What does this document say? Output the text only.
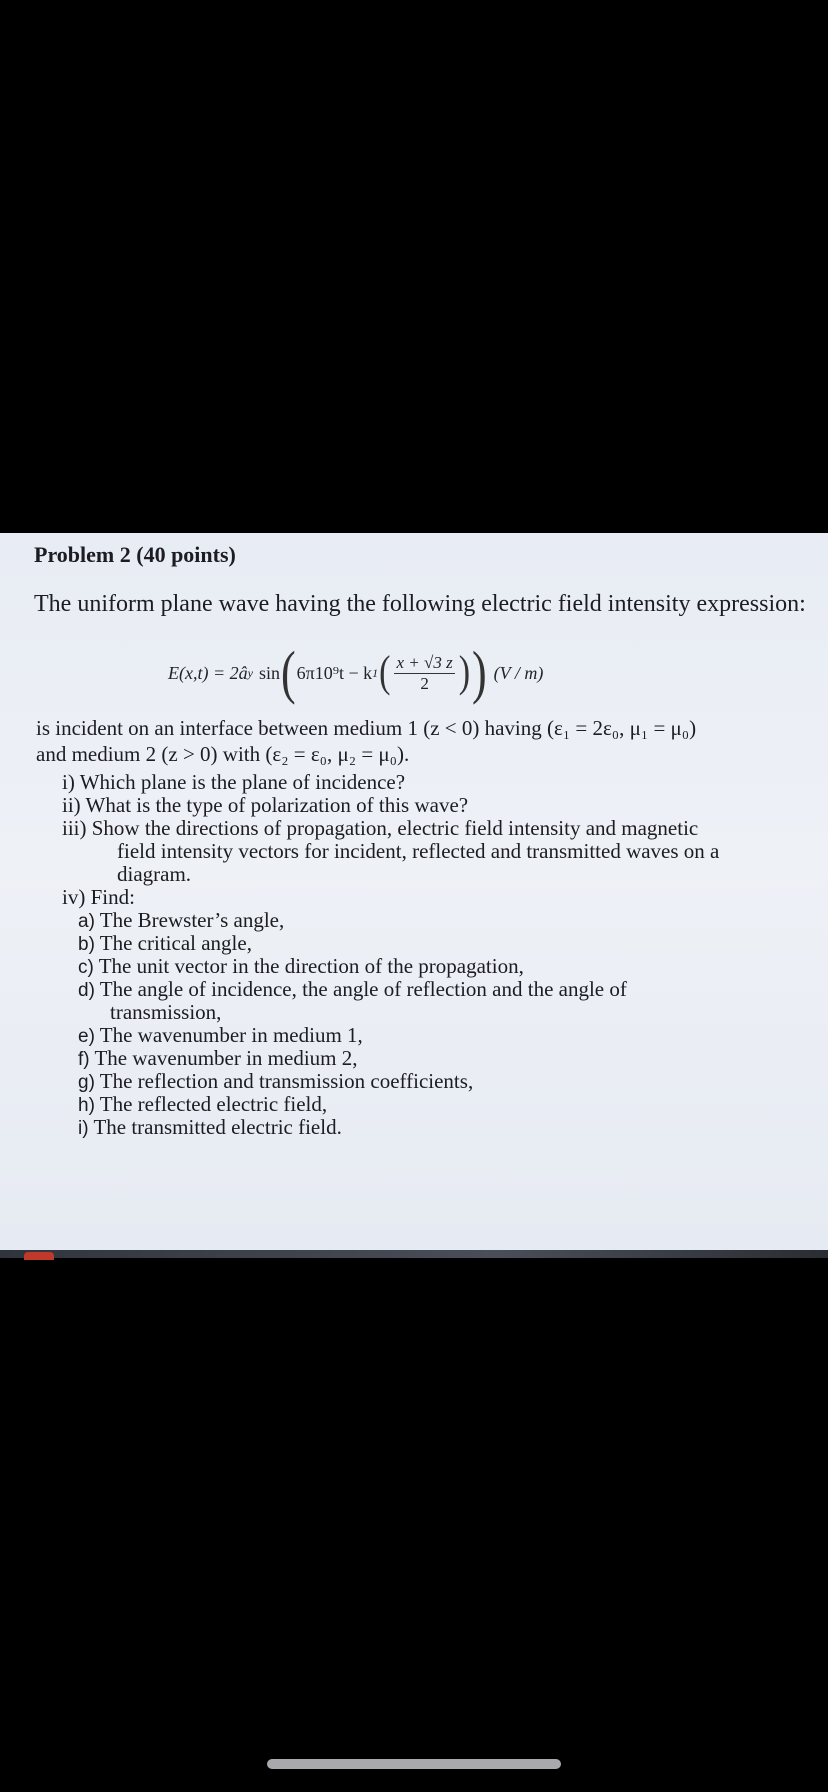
Problem 2 (40 points)
The uniform plane wave having the following electric field intensity expression:
E(x,t) = 2â y sin ( 6π10⁹t − k 1 ( $\frac{x + √3 z}{2}$ ) ) (V / m)
is incident on an interface between medium 1 (z < 0) having (ε₁ = 2ε₀, μ₁ = μ₀)
and medium 2 (z > 0) with (ε₂ = ε₀, μ₂ = μ₀).
i) Which plane is the plane of incidence?
ii) What is the type of polarization of this wave?
iii) Show the directions of propagation, electric field intensity and magnetic
field intensity vectors for incident, reflected and transmitted waves on a
diagram.
iv) Find:
a) The Brewster’s angle,
b) The critical angle,
c) The unit vector in the direction of the propagation,
d) The angle of incidence, the angle of reflection and the angle of
transmission,
e) The wavenumber in medium 1,
f) The wavenumber in medium 2,
g) The reflection and transmission coefficients,
h) The reflected electric field,
i) The transmitted electric field.
